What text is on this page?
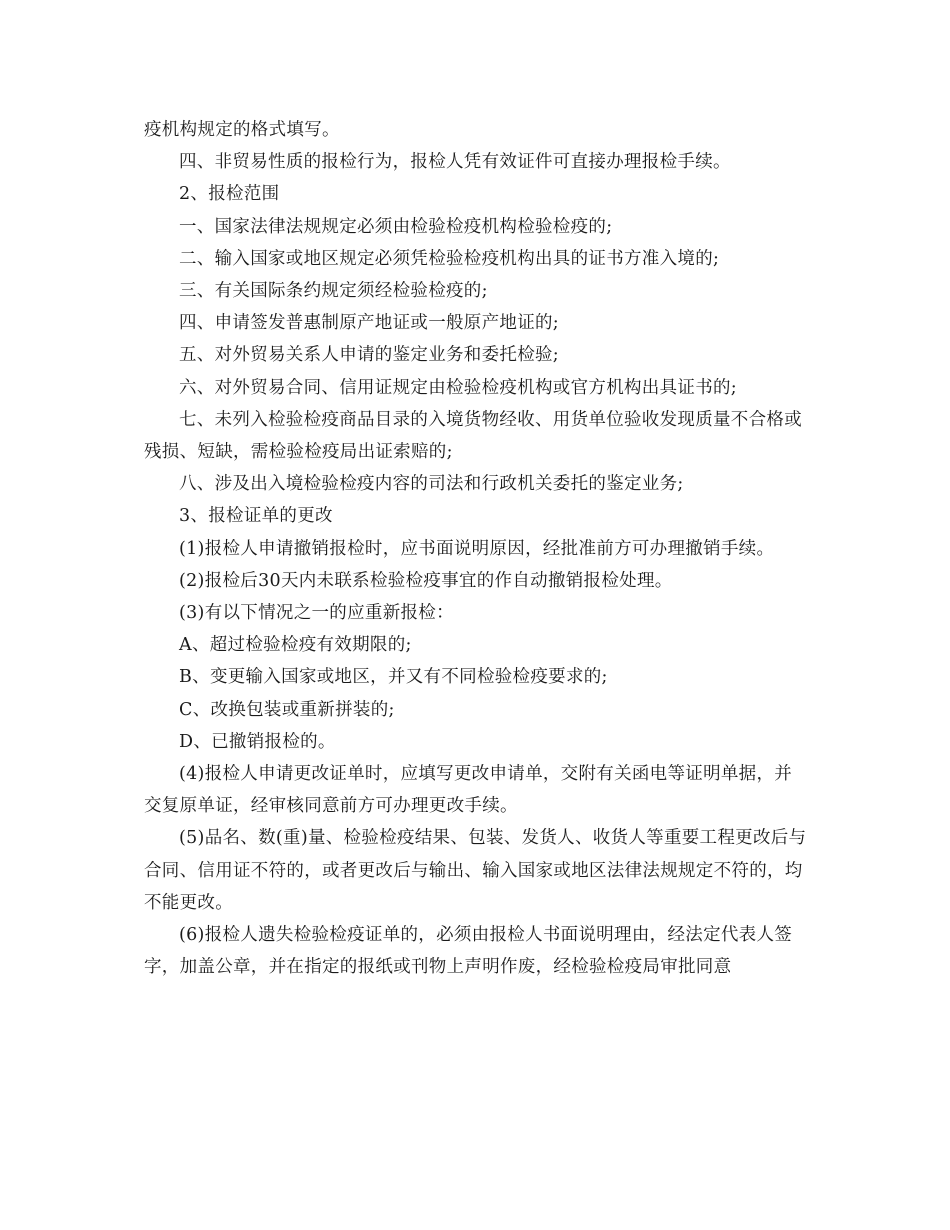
疫机构规定的格式填写。

四、非贸易性质的报检行为，报检人凭有效证件可直接办理报检手续。

2、报检范围

一、国家法律法规规定必须由检验检疫机构检验检疫的;

二、输入国家或地区规定必须凭检验检疫机构出具的证书方准入境的;

三、有关国际条约规定须经检验检疫的;

四、申请签发普惠制原产地证或一般原产地证的;

五、对外贸易关系人申请的鉴定业务和委托检验;

六、对外贸易合同、信用证规定由检验检疫机构或官方机构出具证书的;

七、未列入检验检疫商品目录的入境货物经收、用货单位验收发现质量不合格或残损、短缺，需检验检疫局出证索赔的;

八、涉及出入境检验检疫内容的司法和行政机关委托的鉴定业务;

3、报检证单的更改

(1)报检人申请撤销报检时，应书面说明原因，经批准前方可办理撤销手续。

(2)报检后30天内未联系检验检疫事宜的作自动撤销报检处理。

(3)有以下情况之一的应重新报检：

A、超过检验检疫有效期限的;

B、变更输入国家或地区，并又有不同检验检疫要求的;

C、改换包装或重新拼装的;

D、已撤销报检的。

(4)报检人申请更改证单时，应填写更改申请单，交附有关函电等证明单据，并交复原单证，经审核同意前方可办理更改手续。

(5)品名、数(重)量、检验检疫结果、包装、发货人、收货人等重要工程更改后与合同、信用证不符的，或者更改后与输出、输入国家或地区法律法规规定不符的，均不能更改。

(6)报检人遗失检验检疫证单的，必须由报检人书面说明理由，经法定代表人签字，加盖公章，并在指定的报纸或刊物上声明作废，经检验检疫局审批同意
